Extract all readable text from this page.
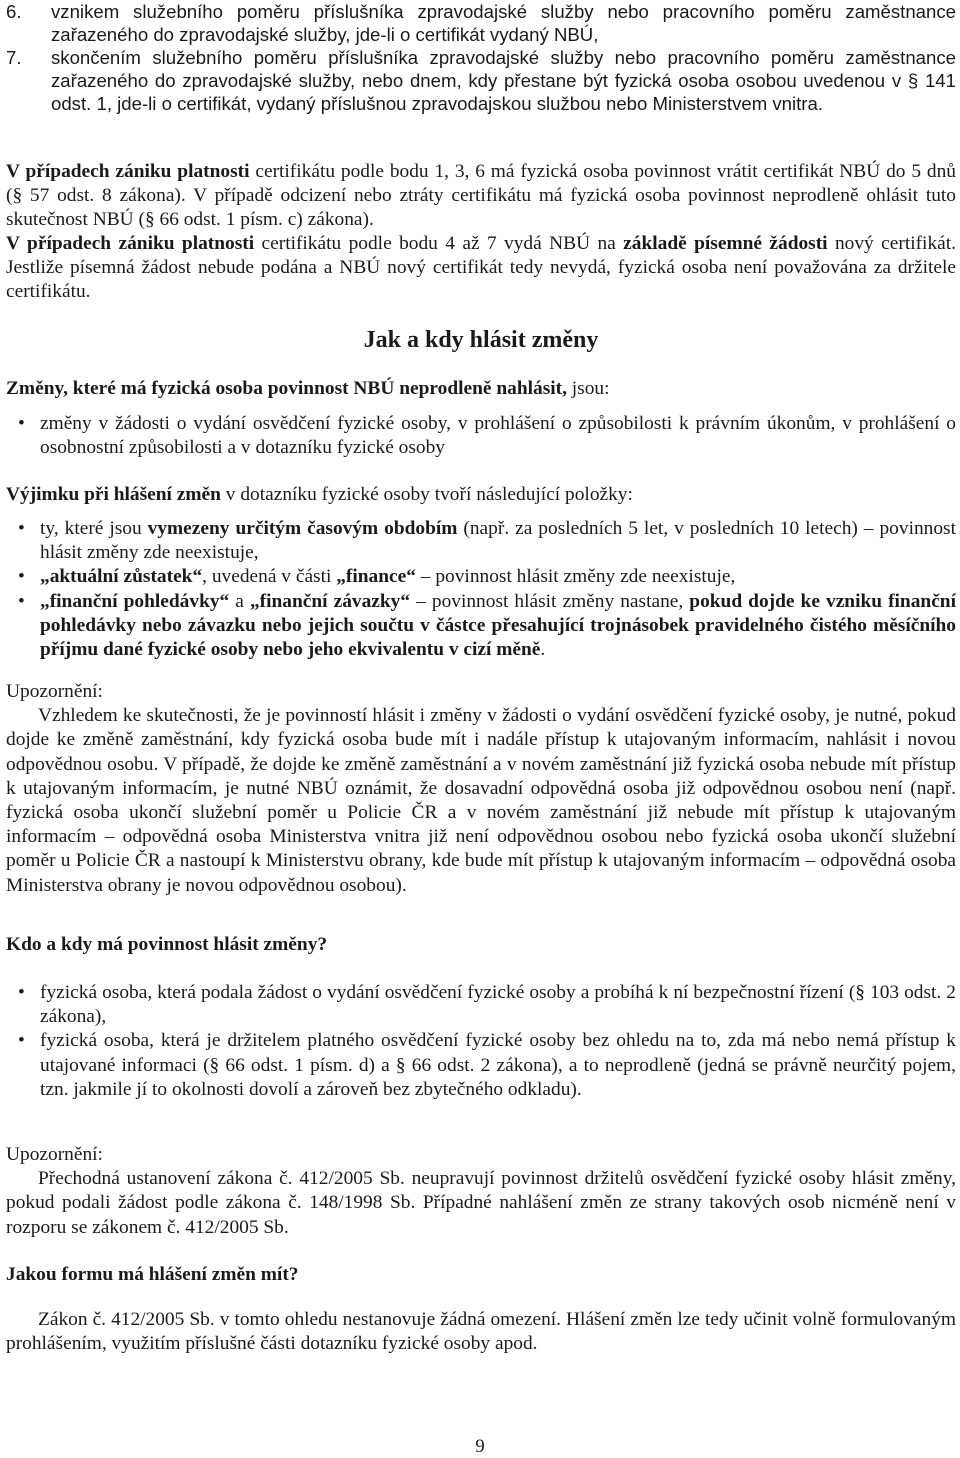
6. vznikem služebního poměru příslušníka zpravodajské služby nebo pracovního poměru zaměstnance zařazeného do zpravodajské služby, jde-li o certifikát vydaný NBÚ,

7. skončením služebního poměru příslušníka zpravodajské služby nebo pracovního poměru zaměstnance zařazeného do zpravodajské služby, nebo dnem, kdy přestane být fyzická osoba osobou uvedenou v § 141 odst. 1, jde-li o certifikát, vydaný příslušnou zpravodajskou službou nebo Ministerstvem vnitra.

V případech zániku platnosti certifikátu podle bodu 1, 3, 6 má fyzická osoba povinnost vrátit certifikát NBÚ do 5 dnů (§ 57 odst. 8 zákona). V případě odcizení nebo ztráty certifikátu má fyzická osoba povinnost neprodleně ohlásit tuto skutečnost NBÚ (§ 66 odst. 1 písm. c) zákona).

V případech zániku platnosti certifikátu podle bodu 4 až 7 vydá NBÚ na základě písemné žádosti nový certifikát. Jestliže písemná žádost nebude podána a NBÚ nový certifikát tedy nevydá, fyzická osoba není považována za držitele certifikátu.

Jak a kdy hlásit změny

Změny, které má fyzická osoba povinnost NBÚ neprodleně nahlásit, jsou:

• změny v žádosti o vydání osvědčení fyzické osoby, v prohlášení o způsobilosti k právním úkonům, v prohlášení o osobnostní způsobilosti a v dotazníku fyzické osoby

Výjimku při hlášení změn v dotazníku fyzické osoby tvoří následující položky:

• ty, které jsou vymezeny určitým časovým obdobím (např. za posledních 5 let, v posledních 10 letech) – povinnost hlásit změny zde neexistuje,
• „aktuální zůstatek“, uvedená v části „finance“ – povinnost hlásit změny zde neexistuje,
• „finanční pohledávky“ a „finanční závazky“ – povinnost hlásit změny nastane, pokud dojde ke vzniku finanční pohledávky nebo závazku nebo jejich součtu v částce přesahující trojnásobek pravidelného čistého měsíčního příjmu dané fyzické osoby nebo jeho ekvivalentu v cizí měně.

Upozornění:

Vzhledem ke skutečnosti, že je povinností hlásit i změny v žádosti o vydání osvědčení fyzické osoby, je nutné, pokud dojde ke změně zaměstnání, kdy fyzická osoba bude mít i nadále přístup k utajovaným informacím, nahlásit i novou odpovědnou osobu. V případě, že dojde ke změně zaměstnání a v novém zaměstnání již fyzická osoba nebude mít přístup k utajovaným informacím, je nutné NBÚ oznámit, že dosavadní odpovědná osoba již odpovědnou osobou není (např. fyzická osoba ukončí služební poměr u Policie ČR a v novém zaměstnání již nebude mít přístup k utajovaným informacím – odpovědná osoba Ministerstva vnitra již není odpovědnou osobou nebo fyzická osoba ukončí služební poměr u Policie ČR a nastoupí k Ministerstvu obrany, kde bude mít přístup k utajovaným informacím – odpovědná osoba Ministerstva obrany je novou odpovědnou osobou).

Kdo a kdy má povinnost hlásit změny?

• fyzická osoba, která podala žádost o vydání osvědčení fyzické osoby a probíhá k ní bezpečnostní řízení (§ 103 odst. 2 zákona),
• fyzická osoba, která je držitelem platného osvědčení fyzické osoby bez ohledu na to, zda má nebo nemá přístup k utajované informaci (§ 66 odst. 1 písm. d) a § 66 odst. 2 zákona), a to neprodleně (jedná se právně neurčitý pojem, tzn. jakmile jí to okolnosti dovolí a zároveň bez zbytečného odkladu).

Upozornění:

Přechodná ustanovení zákona č. 412/2005 Sb. neupravují povinnost držitelů osvědčení fyzické osoby hlásit změny, pokud podali žádost podle zákona č. 148/1998 Sb. Případné nahlášení změn ze strany takových osob nicméně není v rozporu se zákonem č. 412/2005 Sb.

Jakou formu má hlášení změn mít?

Zákon č. 412/2005 Sb. v tomto ohledu nestanovuje žádná omezení. Hlášení změn lze tedy učinit volně formulovaným prohlášením, využitím příslušné části dotazníku fyzické osoby apod.

9
